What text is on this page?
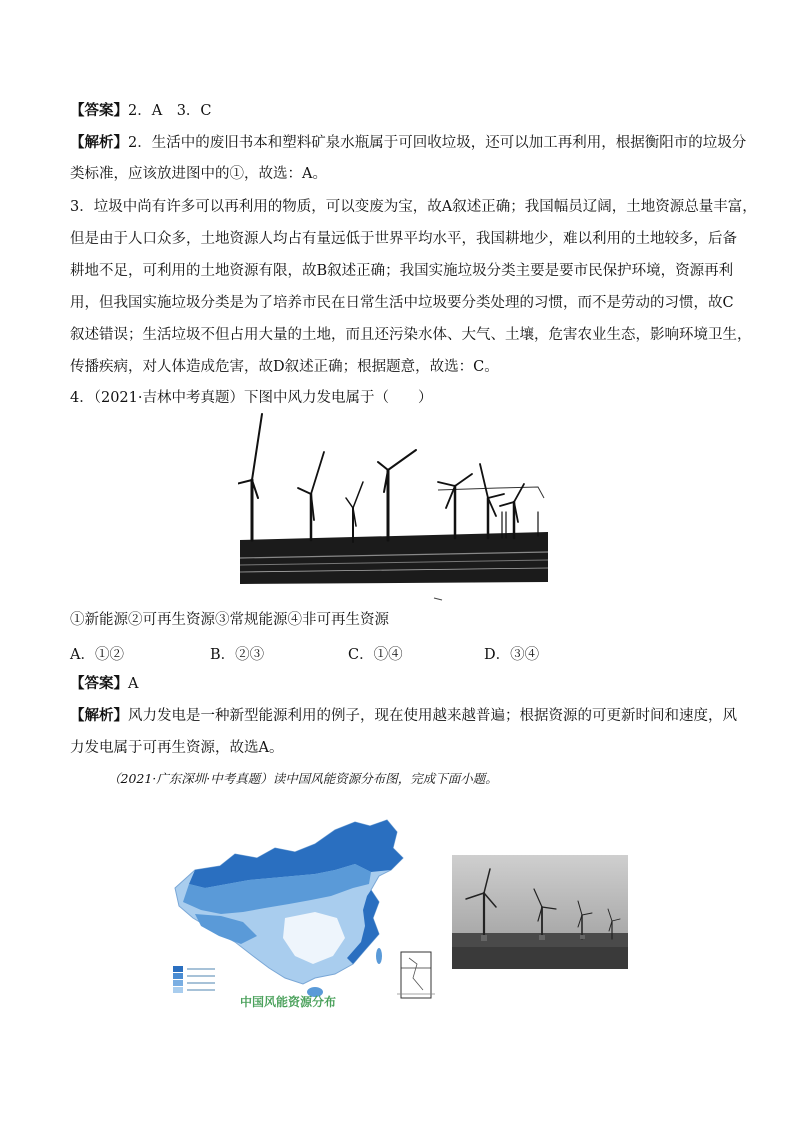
【答案】2．A　3．C
【解析】2．生活中的废旧书本和塑料矿泉水瓶属于可回收垃圾，还可以加工再利用，根据衡阳市的垃圾分
类标准，应该放进图中的①，故选：A。
3．垃圾中尚有许多可以再利用的物质，可以变废为宝，故A叙述正确；我国幅员辽阔，土地资源总量丰富，
但是由于人口众多，土地资源人均占有量远低于世界平均水平，我国耕地少，难以利用的土地较多，后备
耕地不足，可利用的土地资源有限，故B叙述正确；我国实施垃圾分类主要是要市民保护环境，资源再利
用，但我国实施垃圾分类是为了培养市民在日常生活中垃圾要分类处理的习惯，而不是劳动的习惯，故C
叙述错误；生活垃圾不但占用大量的土地，而且还污染水体、大气、土壤，危害农业生态，影响环境卫生，
传播疾病，对人体造成危害，故D叙述正确；根据题意，故选：C。
4．（2021·吉林中考真题）下图中风力发电属于（　　）
①新能源②可再生资源③常规能源④非可再生资源
A．①②	B．②③	C．①④	D．③④
【答案】A
【解析】风力发电是一种新型能源利用的例子，现在使用越来越普遍；根据资源的可更新时间和速度，风
力发电属于可再生资源，故选A。
（2021·广东深圳·中考真题）读中国风能资源分布图，完成下面小题。
中国风能资源分布
